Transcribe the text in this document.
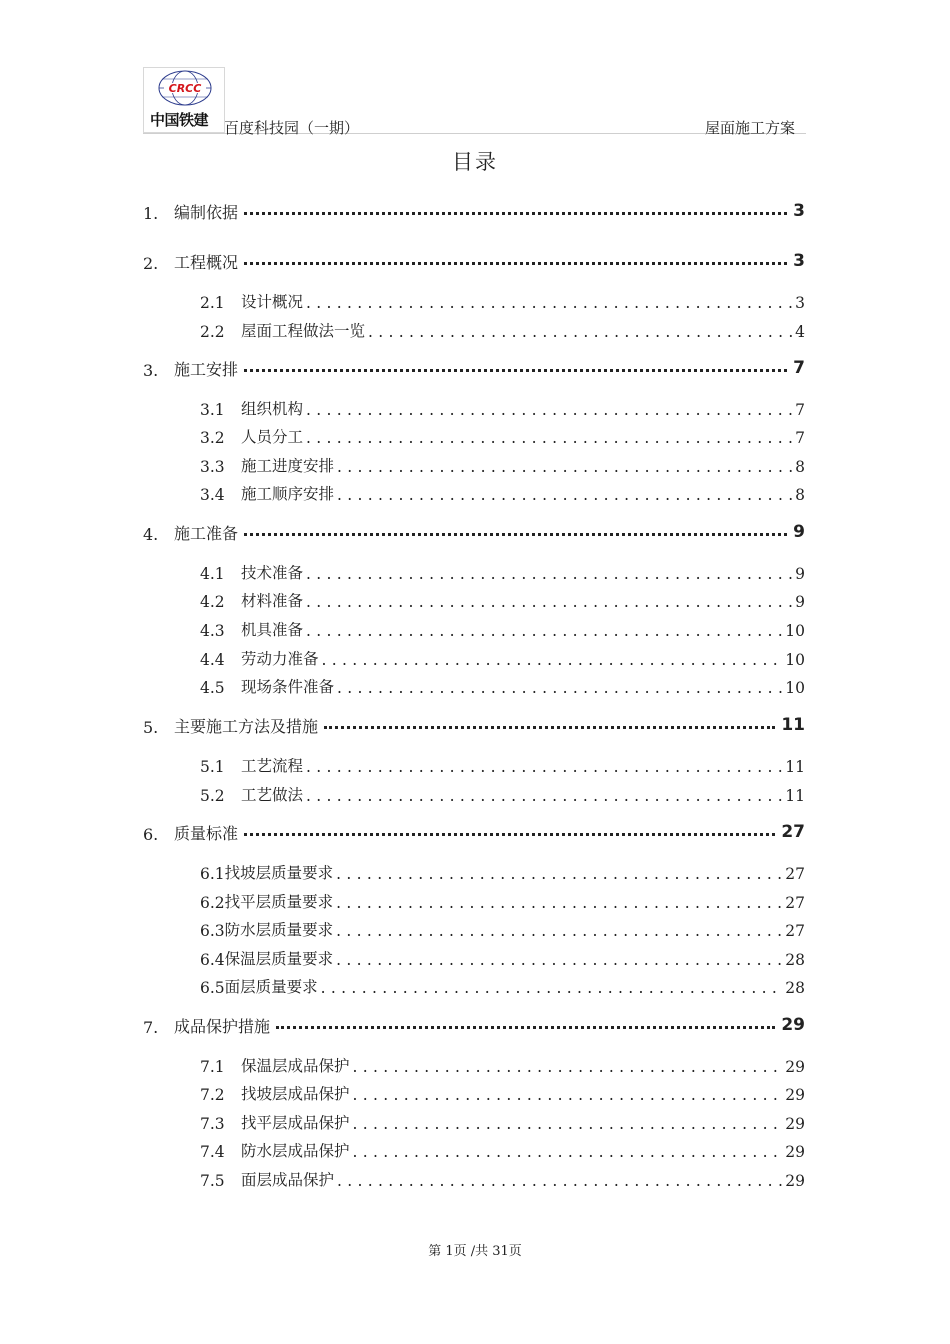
CRCC
中国铁建 百度科技园（一期）	屋面施工方案
目录
1. 编制依据	3
2. 工程概况	3
2.1	设计概况 . . .	3
2.2	屋面工程做法一览 . . .	4
3. 施工安排	7
3.1	组织机构 . . .	7
3.2	人员分工 . . .	7
3.3	施工进度安排 . . .	8
3.4	施工顺序安排 . . .	8
4. 施工准备	9
4.1	技术准备 . . .	9
4.2	材料准备 . . .	9
4.3	机具准备 . . .	10
4.4	劳动力准备 . . .	10
4.5	现场条件准备 . . .	10
5. 主要施工方法及措施	11
5.1	工艺流程 . . .	11
5.2	工艺做法 . . .	11
6. 质量标准	27
6.1 找坡层质量要求 . . .	27
6.2 找平层质量要求 . . .	27
6.3 防水层质量要求 . . .	27
6.4 保温层质量要求 . . .	28
6.5 面层质量要求 . . .	28
7. 成品保护措施	29
7.1	保温层成品保护 . . .	29
7.2	找坡层成品保护 . . .	29
7.3	找平层成品保护 . . .	29
7.4	防水层成品保护 . . .	29
7.5	面层成品保护 . . .	29
第 1页 /共 31页
